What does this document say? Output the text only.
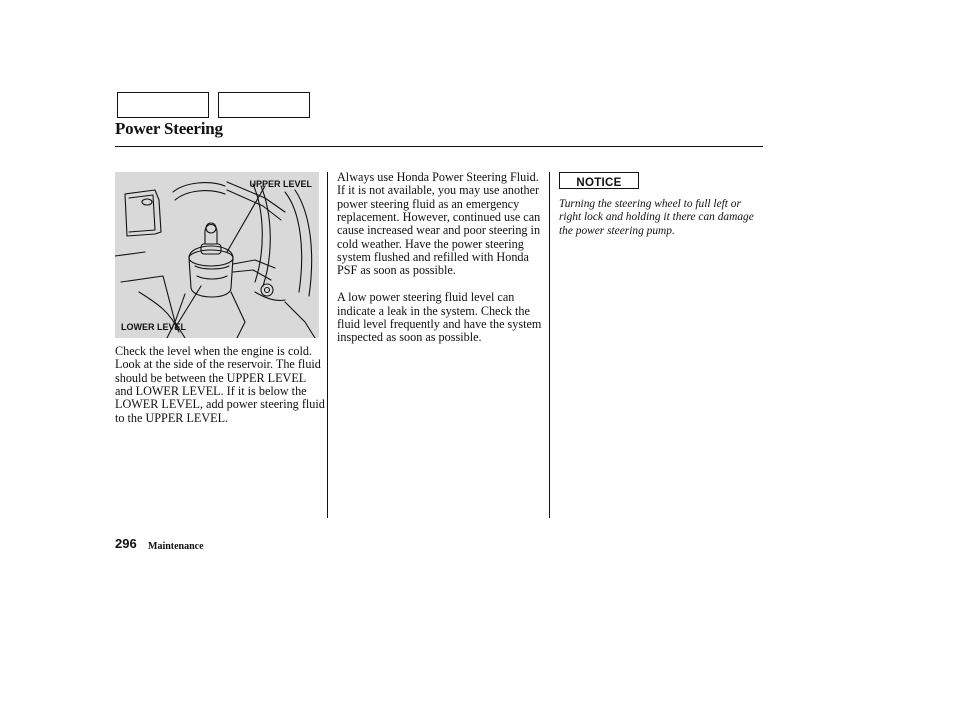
Power Steering
UPPER LEVEL
LOWER LEVEL

Check the level when the engine is cold. Look at the side of the reservoir. The fluid should be between the UPPER LEVEL and LOWER LEVEL. If it is below the LOWER LEVEL, add power steering fluid to the UPPER LEVEL.

Always use Honda Power Steering Fluid. If it is not available, you may use another power steering fluid as an emergency replacement. However, continued use can cause increased wear and poor steering in cold weather. Have the power steering system flushed and refilled with Honda PSF as soon as possible.

A low power steering fluid level can indicate a leak in the system. Check the fluid level frequently and have the system inspected as soon as possible.

NOTICE
Turning the steering wheel to full left or right lock and holding it there can damage the power steering pump.
296 Maintenance
